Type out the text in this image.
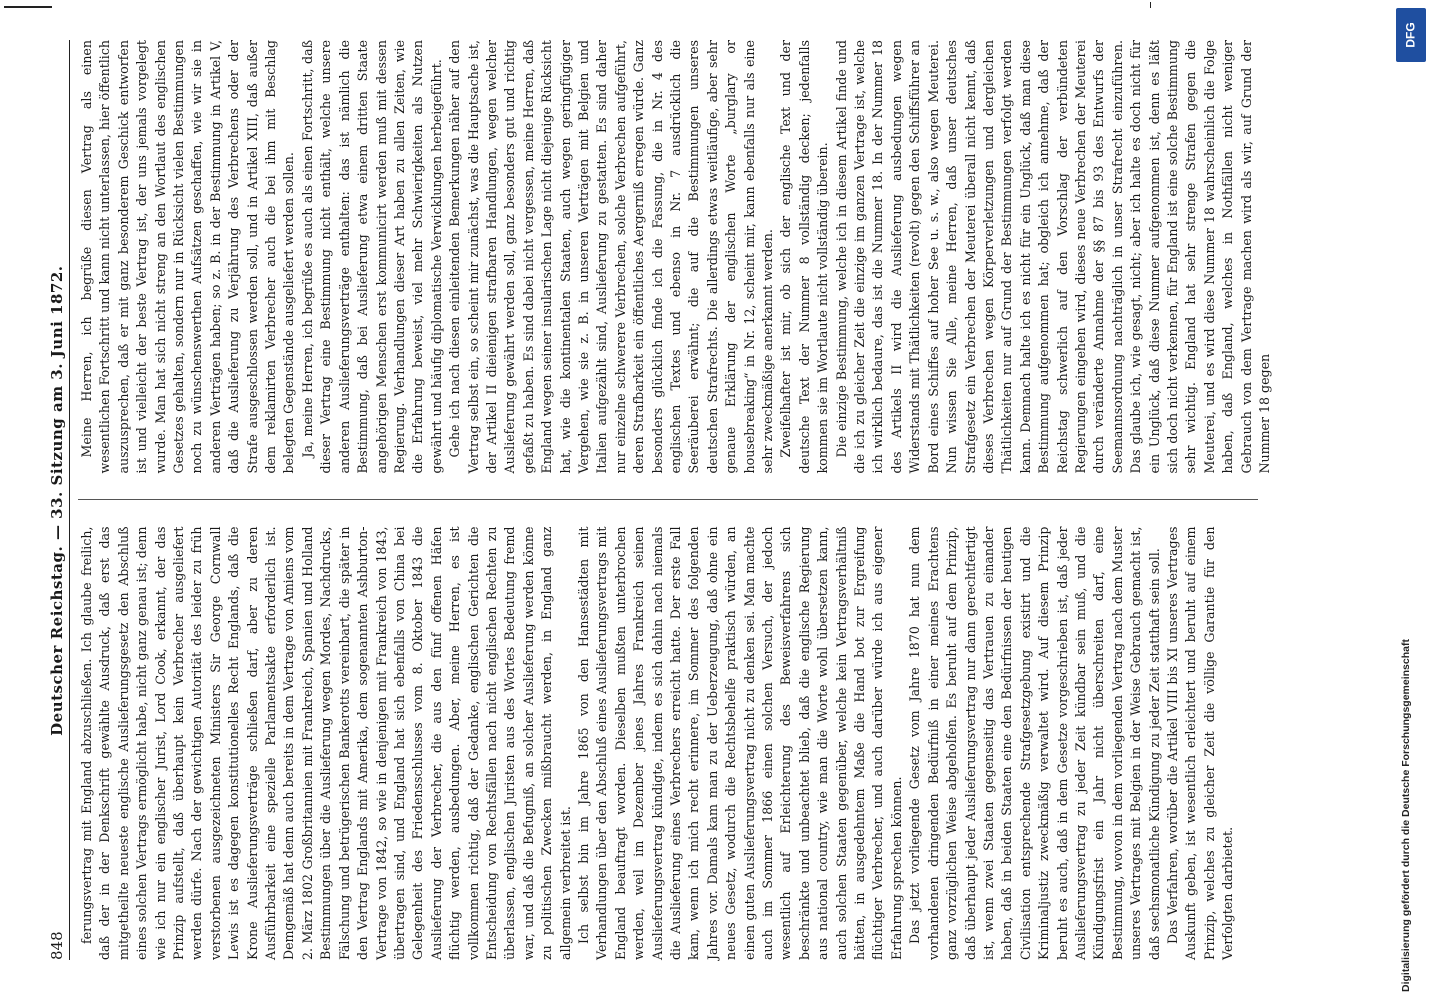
848
Deutscher Reichstag. — 33. Sitzung am 3. Juni 1872. ferungsvertrag mit England abzuschließen. Ich glaube freilich, daß der in der Denkschrift gewählte Ausdruck, daß erst das mitgetheilte neueste englische Auslieferungsgesetz den Abschluß eines solchen Vertrags ermöglicht habe, nicht ganz genau ist; denn wie ich nur ein englischer Jurist, Lord Cook, erkannt, der das Prinzip aufstellt, daß überhaupt kein Verbrecher ausgeliefert werden dürfe. Nach der gewichtigen Autorität des leider zu früh verstorbenen ausgezeichneten Ministers Sir George Cornwall Lewis ist es dagegen konstitutionelles Recht Englands, daß die Krone Auslieferungsverträge schließen darf, aber zu deren Ausführbarkeit eine spezielle Parlamentsakte erforderlich ist. Demgemäß hat denn auch bereits in dem Vertrage von Amiens vom 2. März 1802 Großbritannien mit Frankreich, Spanien und Holland Bestimmungen über die Auslieferung wegen Mordes, Nachdrucks, Fälschung und betrügerischen Bankerotts vereinbart, die später in den Vertrag Englands mit Amerika, dem sogenannten Ashburton-Vertrage von 1842, so wie in denjenigen mit Frankreich von 1843, übertragen sind, und England hat sich ebenfalls von China bei Gelegenheit des Friedensschlusses vom 8. Oktober 1843 die Auslieferung der Verbrecher, die aus den fünf offenen Häfen flüchtig werden, ausbedungen. Aber, meine Herren, es ist vollkommen richtig, daß der Gedanke, englischen Gerichten die Entscheidung von Rechtsfällen nach nicht englischen Rechten zu überlassen, englischen Juristen aus des Wortes Bedeutung fremd war, und daß die Befugniß, an solcher Auslieferung werden könne zu politischen Zwecken mißbraucht werden, in England ganz allgemein verbreitet ist. Ich selbst bin im Jahre 1865 von den Hansestädten mit Verhandlungen über den Abschluß eines Auslieferungsvertrags mit England beauftragt worden. Dieselben mußten unterbrochen werden, weil im Dezember jenes Jahres Frankreich seinen Auslieferungsvertrag kündigte, indem es sich dahin nach niemals die Auslieferung eines Verbrechers erreicht hatte. Der erste Fall kam, wenn ich mich recht erinnere, im Sommer des folgenden Jahres vor. Damals kam man zu der Ueberzeugung, daß ohne ein neues Gesetz, wodurch die Rechtsbehelfe praktisch würden, an einen guten Auslieferungsvertrag nicht zu denken sei. Man machte auch im Sommer 1866 einen solchen Versuch, der jedoch wesentlich auf Erleichterung des Beweisverfahrens sich beschränkte und unbeachtet blieb, daß die englische Regierung aus national country, wie man die Worte wohl übersetzen kann, auch solchen Staaten gegenüber, welche kein Vertragsverhältniß hätten, in ausgedehntem Maße die Hand bot zur Ergreifung flüchtiger Verbrecher, und auch darüber würde ich aus eigener Erfahrung sprechen können. Das jetzt vorliegende Gesetz vom Jahre 1870 hat nun dem vorhandenen dringenden Bedürfniß in einer meines Erachtens ganz vorzüglichen Weise abgeholfen. Es beruht auf dem Prinzip, daß überhaupt jeder Auslieferungsvertrag nur dann gerechtfertigt ist, wenn zwei Staaten gegenseitig das Vertrauen zu einander haben, daß in beiden Staaten eine den Bedürfnissen der heutigen Civilisation entsprechende Strafgesetzgebung existirt und die Kriminaljustiz zweckmäßig verwaltet wird. Auf diesem Prinzip beruht es auch, daß in dem Gesetze vorgeschrieben ist, daß jeder Auslieferungsvertrag zu jeder Zeit kündbar sein muß, und die Kündigungsfrist ein Jahr nicht überschreiten darf, eine Bestimmung, wovon in dem vorliegenden Vertrag nach dem Muster unseres Vertrages mit Belgien in der Weise Gebrauch gemacht ist, daß sechsmonatliche Kündigung zu jeder Zeit statthaft sein soll. Das Verfahren, worüber die Artikel VIII bis XI unseres Vertrages Auskunft geben, ist wesentlich erleichtert und beruht auf einem Prinzip, welches zu gleicher Zeit die völlige Garantie für den Verfolgten darbietet.

Meine Herren, ich begrüße diesen Vertrag als einen wesentlichen Fortschritt und kann nicht unterlassen, hier öffentlich auszusprechen, daß er mit ganz besonderem Geschick entworfen ist und vielleicht der beste Vertrag ist, der uns jemals vorgelegt wurde. Man hat sich nicht streng an den Wortlaut des englischen Gesetzes gehalten, sondern nur in Rücksicht vielen Bestimmungen noch zu wünschenswerthen Aufsätzen geschaffen, wie wir sie in anderen Verträgen haben; so z. B. in der Bestimmung in Artikel V, daß die Auslieferung zu Verjährung des Verbrechens oder der Strafe ausgeschlossen werden soll, und in Artikel XIII, daß außer dem reklamirten Verbrecher auch die bei ihm mit Beschlag belegten Gegenstände ausgeliefert werden sollen. Ja, meine Herren, ich begrüße es auch als einen Fortschritt, daß dieser Vertrag eine Bestimmung nicht enthält, welche unsere anderen Auslieferungsverträge enthalten: das ist nämlich die Bestimmung, daß bei Auslieferung etwa einem dritten Staate angehörigen Menschen erst kommunicirt werden muß mit dessen Regierung. Verhandlungen dieser Art haben zu allen Zeiten, wie die Erfahrung beweist, viel mehr Schwierigkeiten als Nutzen gewährt und häufig diplomatische Verwicklungen herbeigeführt. Gehe ich nach diesen einleitenden Bemerkungen näher auf den Vertrag selbst ein, so scheint mir zunächst, was die Hauptsache ist, der Artikel II dieienigen strafbaren Handlungen, wegen welcher Auslieferung gewährt werden soll, ganz besonders gut und richtig gefaßt zu haben. Es sind dabei nicht vergessen, meine Herren, daß England wegen seiner insularischen Lage nicht diejenige Rücksicht hat, wie die kontinentalen Staaten, auch wegen geringfügiger Vergehen, wie sie z. B. in unseren Verträgen mit Belgien und Italien aufgezählt sind, Auslieferung zu gestatten. Es sind daher nur einzelne schwerere Verbrechen, solche Verbrechen aufgeführt, deren Strafbarkeit ein öffentliches Aergerniß erregen würde. Ganz besonders glücklich finde ich die Fassung, die in Nr. 4 des englischen Textes und ebenso in Nr. 7 ausdrücklich die Seeräuberei erwähnt; die auf die Bestimmungen unseres deutschen Strafrechts. Die allerdings etwas weitläufige, aber sehr genaue Erklärung der englischen Worte „burglary or housebreaking“ in Nr. 12, scheint mir, kann ebenfalls nur als eine sehr zweckmäßige anerkannt werden. Zweifelhafter ist mir, ob sich der englische Text und der deutsche Text der Nummer 8 vollständig decken; jedenfalls kommen sie im Wortlaute nicht vollständig überein. Die einzige Bestimmung, welche ich in diesem Artikel finde und die ich zu gleicher Zeit die einzige im ganzen Vertrage ist, welche ich wirklich bedaure, das ist die Nummer 18. In der Nummer 18 des Artikels II wird die Auslieferung ausbedungen wegen Widerstands mit Thätlichkeiten (revolt) gegen den Schiffsführer an Bord eines Schiffes auf hoher See u. s. w., also wegen Meuterei. Nun wissen Sie Alle, meine Herren, daß unser deutsches Strafgesetz ein Verbrechen der Meuterei überall nicht kennt, daß dieses Verbrechen wegen Körperverletzungen und dergleichen Thätlichkeiten nur auf Grund der Bestimmungen verfolgt werden kann. Demnach halte ich es nicht für ein Unglück, daß man diese Bestimmung aufgenommen hat; obgleich ich annehme, daß der Reichstag schwerlich auf den Vorschlag der verbündeten Regierungen eingehen wird, dieses neue Verbrechen der Meuterei durch veränderte Annahme der §§ 87 bis 93 des Entwurfs der Seemannsordnung nachträglich in unser Strafrecht einzuführen. Das glaube ich, wie gesagt, nicht; aber ich halte es doch nicht für ein Unglück, daß diese Nummer aufgenommen ist, denn es läßt sich doch nicht verkennen, für England ist eine solche Bestimmung sehr wichtig. England hat sehr strenge Strafen gegen die Meuterei, und es wird diese Nummer 18 wahrscheinlich die Folge haben, daß England, welches in Nothfällen nicht weniger Gebrauch von dem Vertrage machen wird als wir, auf Grund der Nummer 18 gegen

DFG
Digitalisierung gefördert durch die Deutsche Forschungsgemeinschaft
